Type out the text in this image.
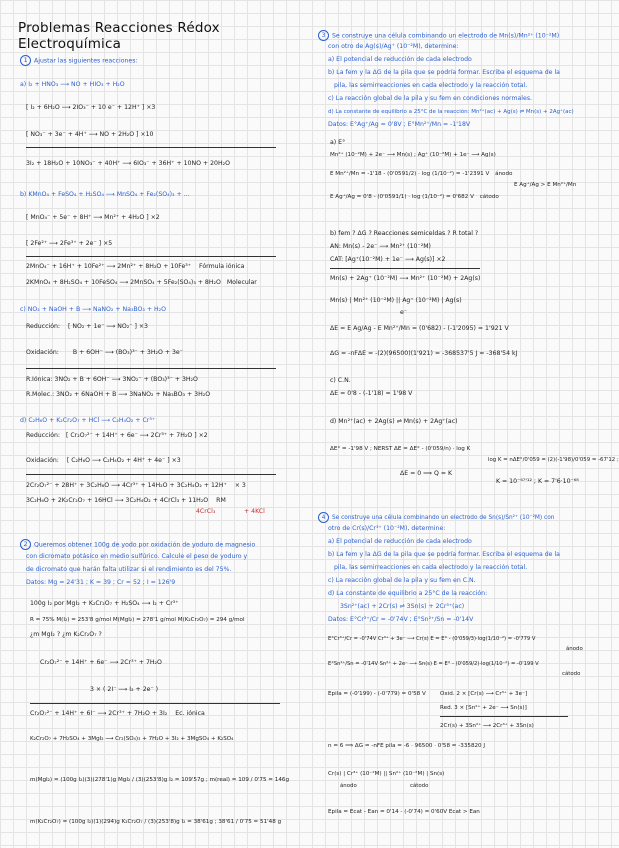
Problemas Reacciones Rédox Electroquímica
1 Ajustar las siguientes reacciones:
a) I₂ + HNO₃ ⟶ NO + HIO₃ + H₂O
[ I₂ + 6H₂O ⟶ 2IO₃⁻ + 10 e⁻ + 12H⁺ ] ×3
[ NO₃⁻ + 3e⁻ + 4H⁺ ⟶ NO + 2H₂O ] ×10
3I₂ + 18H₂O + 10NO₃⁻ + 40H⁺ ⟶ 6IO₃⁻ + 36H⁺ + 10NO + 20H₂O
b) KMnO₄ + FeSO₄ + H₂SO₄ ⟶ MnSO₄ + Fe₂(SO₄)₃ + ...
[ MnO₄⁻ + 5e⁻ + 8H⁺ ⟶ Mn²⁺ + 4H₂O ] ×2
[ 2Fe²⁺ ⟶ 2Fe³⁺ + 2e⁻ ] ×5
2MnO₄⁻ + 16H⁺ + 10Fe²⁺ ⟶ 2Mn²⁺ + 8H₂O + 10Fe³⁺ Fórmula iónica
2KMnO₄ + 8H₂SO₄ + 10FeSO₄ ⟶ 2MnSO₄ + 5Fe₂(SO₄)₃ + 8H₂O Molecular
c) NO₂ + NaOH + B ⟶ NaNO₂ + Na₃BO₃ + H₂O
Reducción: [ NO₂ + 1e⁻ ⟶ NO₂⁻ ] ×3
Oxidación: B + 6OH⁻ ⟶ (BO₃)³⁻ + 3H₂O + 3e⁻
R.Iónica: 3NO₂ + B + 6OH⁻ ⟶ 3NO₂⁻ + (BO₃)³⁻ + 3H₂O
R.Molec.: 3NO₂ + 6NaOH + B ⟶ 3NaNO₂ + Na₃BO₃ + 3H₂O
d) C₂H₆O + K₂Cr₂O₇ + HCl ⟶ C₂H₄O₂ + Cr³⁺
Reducción: [ Cr₂O₇²⁻ + 14H⁺ + 6e⁻ ⟶ 2Cr³⁺ + 7H₂O ] ×2
Oxidación: [ C₂H₆O ⟶ C₂H₄O₂ + 4H⁺ + 4e⁻ ] ×3
2Cr₂O₇²⁻ + 28H⁺ + 3C₂H₆O ⟶ 4Cr³⁺ + 14H₂O + 3C₂H₄O₂ + 12H⁺ × 3
3C₂H₆O + 2K₂Cr₂O₇ + 16HCl ⟶ 3C₂H₄O₂ + 4CrCl₃ + 11H₂O RM
4CrCl₃	+ 4KCl
2 Queremos obtener 100g de yodo por oxidación de yoduro de magnesio
con dicromato potásico en medio sulfúrico. Calcule el peso de yoduro y
de dicromato que harán falta utilizar si el rendimiento es del 75%.
Datos: Mg = 24'31 ; K = 39 ; Cr = 52 ; I = 126'9
100g I₂ por MgI₂ + K₂Cr₂O₇ + H₂SO₄ ⟶ I₂ + Cr³⁺
R = 75% M(I₂) = 253'8 g/mol M(MgI₂) = 278'1 g/mol M(K₂Cr₂O₇) = 294 g/mol
¿m MgI₂ ? ¿m K₂Cr₂O₇ ?
Cr₂O₇²⁻ + 14H⁺ + 6e⁻ ⟶ 2Cr³⁺ + 7H₂O
3 × ( 2I⁻ ⟶ I₂ + 2e⁻ )
Cr₂O₇²⁻ + 14H⁺ + 6I⁻ ⟶ 2Cr³⁺ + 7H₂O + 3I₂ Ec. iónica
K₂Cr₂O₇ + 7H₂SO₄ + 3MgI₂ ⟶ Cr₂(SO₄)₃ + 7H₂O + 3I₂ + 3MgSO₄ + K₂SO₄
m(MgI₂) = (100g I₂)(3)(278'1)g MgI₂ / (3)(253'8)g I₂ = 109'57g ; m(real) = 109 / 0'75 = 146g
m(K₂Cr₂O₇) = (100g I₂)(1)(294)g K₂Cr₂O₇ / (3)(253'8)g I₂ = 38'61g ; 38'61 / 0'75 = 51'48 g
3 Se construye una célula combinando un electrodo de Mn(s)/Mn²⁺ (10⁻²M)
con otro de Ag(s)/Ag⁺ (10⁻²M), determine:
a) El potencial de reducción de cada electrodo
b) La fem y la ΔG de la pila que se podría formar. Escriba el esquema de la
pila, las semirreacciones en cada electrodo y la reacción total.
c) La reacción global de la pila y su fem en condiciones normales.
d) La constante de equilibrio a 25°C de la reacción: Mn²⁺(ac) + Ag(s) ⇌ Mn(s) + 2Ag⁺(ac)
Datos: E°Ag⁺/Ag = 0'8V ; E°Mn²⁺/Mn = -1'18V
a) E°
Mn²⁺ (10⁻²M) + 2e⁻ ⟶ Mn(s) ; Ag⁺ (10⁻²M) + 1e⁻ ⟶ Ag(s)
E Mn²⁺/Mn = -1'18 - (0'0591/2) · log (1/10⁻²) = -1'2391 V ánodo
E Ag⁺/Ag = 0'8 - (0'0591/1) · log (1/10⁻²) = 0'682 V cátodo
E Ag⁺/Ag > E Mn²⁺/Mn
b) fem ? ΔG ? Reacciones semiceldas ? R total ?
AN: Mn(s) - 2e⁻ ⟶ Mn²⁺ (10⁻²M)
CAT: [Ag⁺(10⁻²M) + 1e⁻ ⟶ Ag(s)] ×2
Mn(s) + 2Ag⁺ (10⁻²M) ⟶ Mn²⁺ (10⁻²M) + 2Ag(s)
Mn(s) | Mn²⁺ (10⁻²M) || Ag⁺ (10⁻²M) | Ag(s)
e⁻
ΔE = E Ag/Ag - E Mn²⁺/Mn = (0'682) - (-1'2095) = 1'921 V
ΔG = -nFΔE = -(2)(96500)(1'921) = -368537'5 J ≈ -368'54 kJ
c) C.N.
ΔE = 0'8 - (-1'18) = 1'98 V
d) Mn²⁺(ac) + 2Ag(s) ⇌ Mn(s) + 2Ag⁺(ac)
ΔE° = -1'98 V ; NERST ΔE = ΔE° - (0'059/n) · log K
log K = nΔE°/0'059 = (2)(-1'98)/0'059 = -67'12 ;
ΔE = 0 ⟹ Q = K
K = 10⁻⁶⁷'¹² ; K = 7'6·10⁻⁶⁸
4 Se construye una célula combinando un electrodo de Sn(s)/Sn²⁺ (10⁻²M) con
otro de Cr(s)/Cr³⁺ (10⁻²M), determine:
a) El potencial de reducción de cada electrodo
b) La fem y la ΔG de la pila que se podría formar. Escriba el esquema de la
pila, las semirreacciones en cada electrodo y la reacción total.
c) La reacción global de la pila y su fem en C.N.
d) La constante de equilibrio a 25°C de la reacción:
3Sn²⁺(ac) + 2Cr(s) ⇌ 3Sn(s) + 2Cr³⁺(ac)
Datos: E°Cr³⁺/Cr = -0'74V ; E°Sn²⁺/Sn = -0'14V
E°Cr³⁺/Cr = -0'74V Cr³⁺ + 3e⁻ ⟶ Cr(s) E = E° - (0'059/3)·log(1/10⁻²) = -0'779 V
ánodo
E°Sn²⁺/Sn = -0'14V Sn²⁺ + 2e⁻ ⟶ Sn(s) E = E° - (0'059/2)·log(1/10⁻²) = -0'199 V
cátodo
Epila = (-0'199) - (-0'779) = 0'58 V	Oxid. 2 × [Cr(s) ⟶ Cr³⁺ + 3e⁻]
Red. 3 × [Sn²⁺ + 2e⁻ ⟶ Sn(s)]
2Cr(s) + 3Sn²⁺ ⟶ 2Cr³⁺ + 3Sn(s)
n = 6 ⟹ ΔG = -nFE pila = -6 · 96500 · 0'58 = -335820 J
Cr(s) | Cr³⁺ (10⁻²M) || Sn²⁺ (10⁻²M) | Sn(s)
ánodo	cátodo
Epila = Ecat - Ean = 0'14 - (-0'74) = 0'60V Ecat > Ean
